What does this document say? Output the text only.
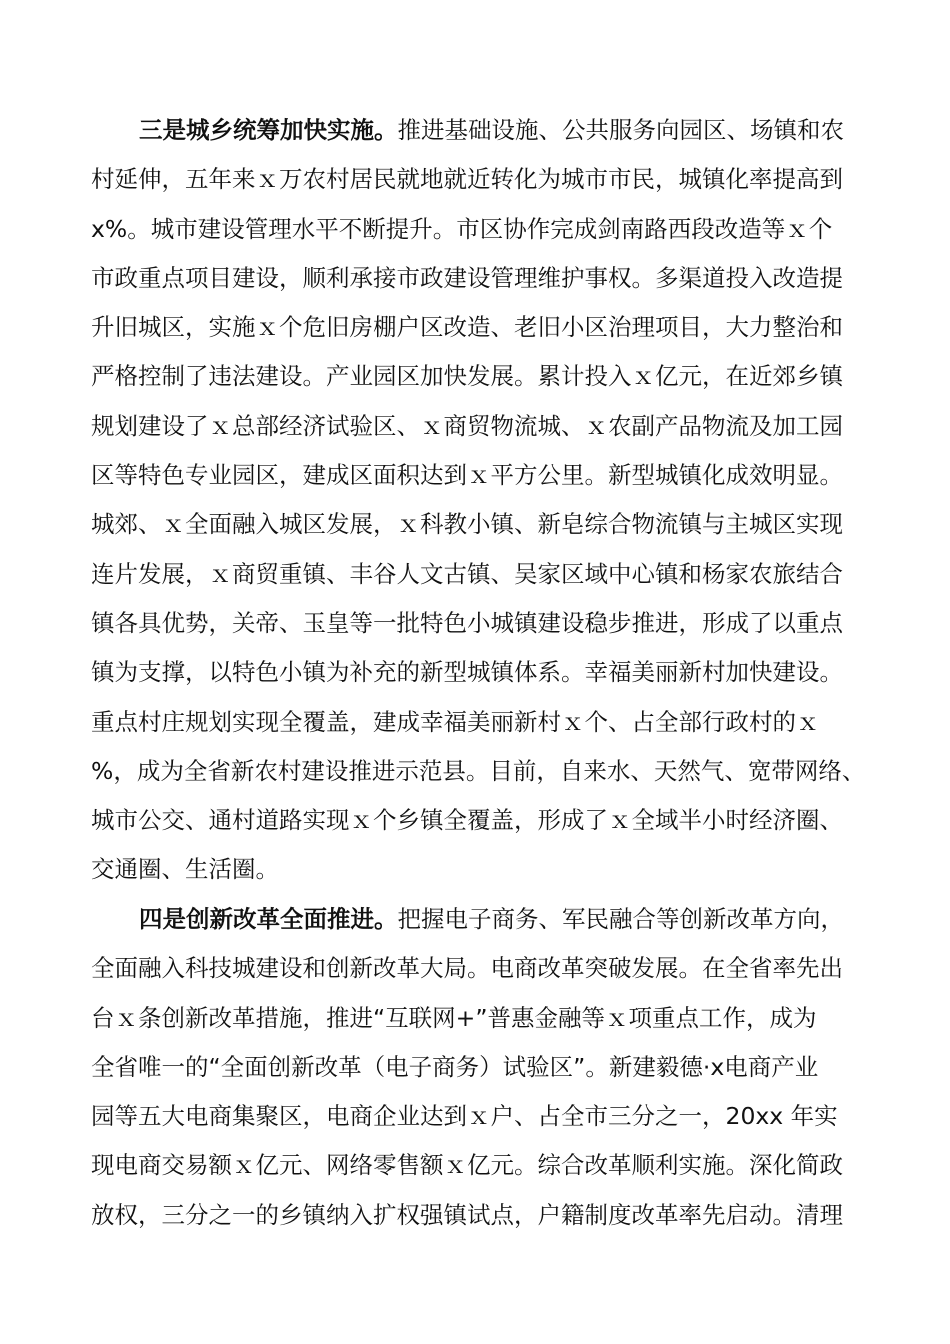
三是城乡统筹加快实施。推进基础设施、公共服务向园区、场镇和农
村延伸，五年来ｘ万农村居民就地就近转化为城市市民，城镇化率提高到
x%。城市建设管理水平不断提升。市区协作完成剑南路西段改造等ｘ个
市政重点项目建设，顺利承接市政建设管理维护事权。多渠道投入改造提
升旧城区，实施ｘ个危旧房棚户区改造、老旧小区治理项目，大力整治和
严格控制了违法建设。产业园区加快发展。累计投入ｘ亿元，在近郊乡镇
规划建设了ｘ总部经济试验区、ｘ商贸物流城、ｘ农副产品物流及加工园
区等特色专业园区，建成区面积达到ｘ平方公里。新型城镇化成效明显。
城郊、ｘ全面融入城区发展，ｘ科教小镇、新皂综合物流镇与主城区实现
连片发展，ｘ商贸重镇、丰谷人文古镇、吴家区域中心镇和杨家农旅结合
镇各具优势，关帝、玉皇等一批特色小城镇建设稳步推进，形成了以重点
镇为支撑，以特色小镇为补充的新型城镇体系。幸福美丽新村加快建设。
重点村庄规划实现全覆盖，建成幸福美丽新村ｘ个、占全部行政村的ｘ
%，成为全省新农村建设推进示范县。目前，自来水、天然气、宽带网络、
城市公交、通村道路实现ｘ个乡镇全覆盖，形成了ｘ全域半小时经济圈、
交通圈、生活圈。
四是创新改革全面推进。把握电子商务、军民融合等创新改革方向，
全面融入科技城建设和创新改革大局。电商改革突破发展。在全省率先出
台ｘ条创新改革措施，推进“互联网+”普惠金融等ｘ项重点工作，成为
全省唯一的“全面创新改革（电子商务）试验区”。新建毅德·x电商产业
园等五大电商集聚区，电商企业达到ｘ户、占全市三分之一，20xx 年实
现电商交易额ｘ亿元、网络零售额ｘ亿元。综合改革顺利实施。深化简政
放权，三分之一的乡镇纳入扩权强镇试点，户籍制度改革率先启动。清理
